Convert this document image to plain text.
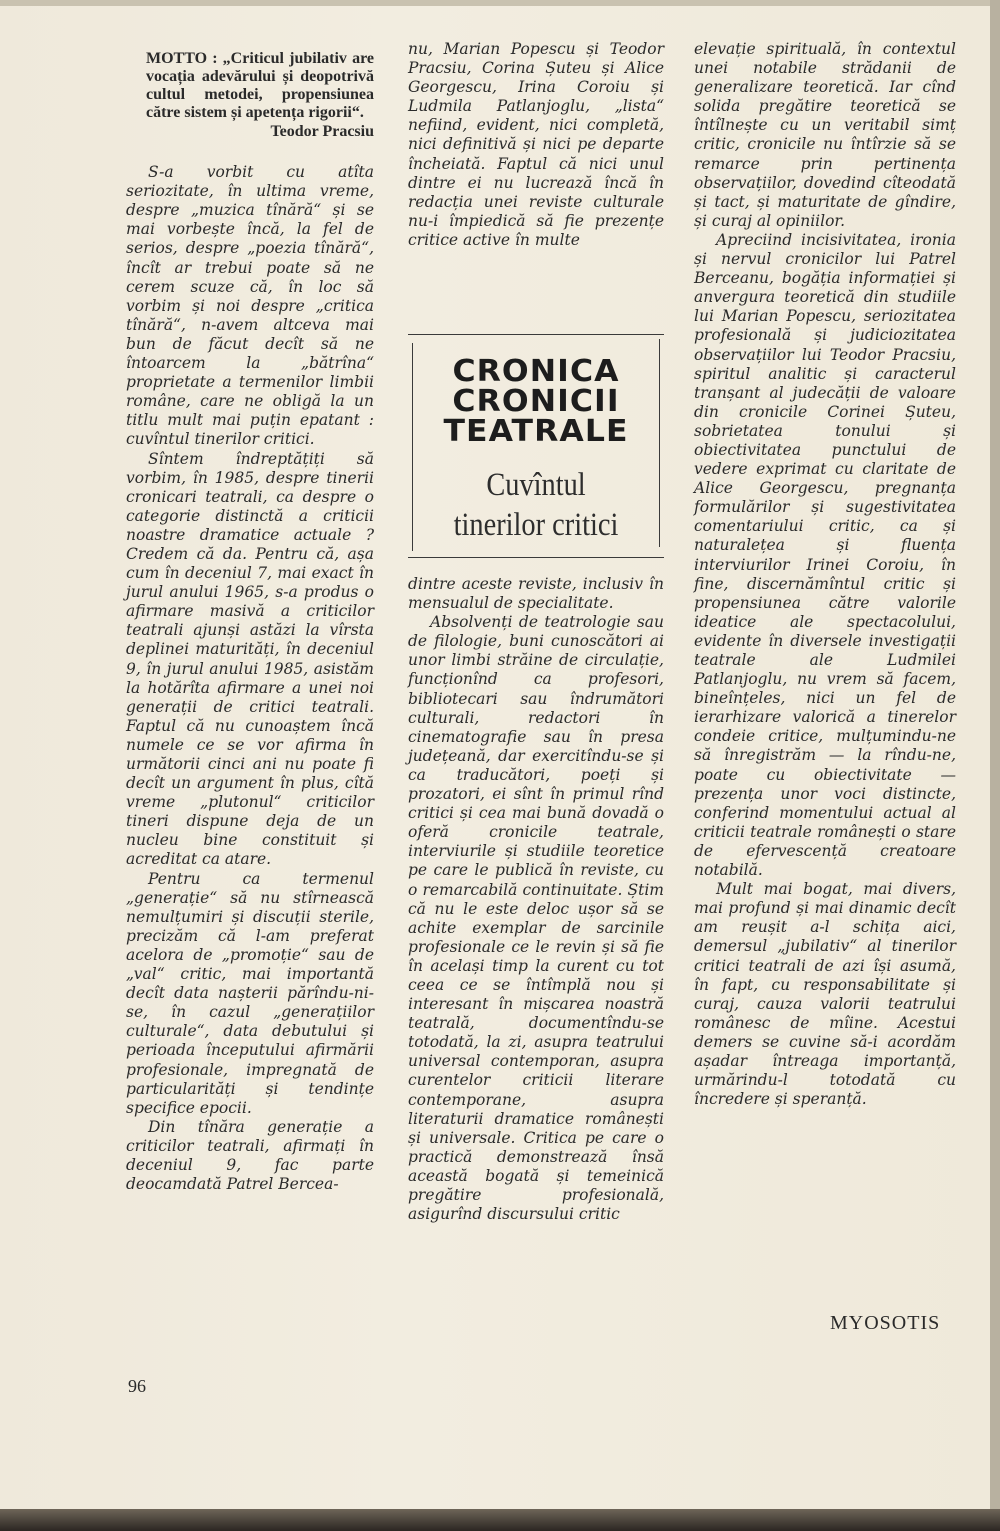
MOTTO : „Criticul jubilativ are vocația adevărului și deopotrivă cultul metodei, propensiunea către sistem și apetența rigorii“.
Teodor Pracsiu

S-a vorbit cu atîta seriozitate, în ultima vreme, despre „muzica tînără“ și se mai vorbește încă, la fel de serios, despre „poezia tînără“, încît ar trebui poate să ne cerem scuze că, în loc să vorbim și noi despre „critica tînără“, n-avem altceva mai bun de făcut decît să ne întoarcem la „bătrîna“ proprietate a termenilor limbii române, care ne obligă la un titlu mult mai puțin epatant : cuvîntul tinerilor critici.

Sîntem îndreptățiți să vorbim, în 1985, despre tinerii cronicari teatrali, ca despre o categorie distinctă a criticii noastre dramatice actuale ? Credem că da. Pentru că, așa cum în deceniul 7, mai exact în jurul anului 1965, s-a produs o afirmare masivă a criticilor teatrali ajunși astăzi la vîrsta deplinei maturități, în deceniul 9, în jurul anului 1985, asistăm la hotărîta afirmare a unei noi generații de critici teatrali. Faptul că nu cunoaștem încă numele ce se vor afirma în următorii cinci ani nu poate fi decît un argument în plus, cîtă vreme „plutonul“ criticilor tineri dispune deja de un nucleu bine constituit și acreditat ca atare.

Pentru ca termenul „generație“ să nu stîrnească nemulțumiri și discuții sterile, precizăm că l-am preferat acelora de „promoție“ sau de „val“ critic, mai importantă decît data nașterii părîndu-ni-se, în cazul „generațiilor culturale“, data debutului și perioada începutului afirmării profesionale, impregnată de particularități și tendințe specifice epocii.

Din tînăra generație a criticilor teatrali, afirmați în deceniul 9, fac parte deocamdată Patrel Bercea-

nu, Marian Popescu și Teodor Pracsiu, Corina Șuteu și Alice Georgescu, Irina Coroiu și Ludmila Patlanjoglu, „lista“ nefiind, evident, nici completă, nici definitivă și nici pe departe încheiată. Faptul că nici unul dintre ei nu lucrează încă în redacția unei reviste culturale nu-i împiedică să fie prezențe critice active în multe

CRONICA
CRONICII
TEATRALE
Cuvîntul
tinerilor critici

dintre aceste reviste, inclusiv în mensualul de specialitate.

Absolvenți de teatrologie sau de filologie, buni cunoscători ai unor limbi străine de circulație, funcționînd ca profesori, bibliotecari sau îndrumători culturali, redactori în cinematografie sau în presa județeană, dar exercitîndu-se și ca traducători, poeți și prozatori, ei sînt în primul rînd critici și cea mai bună dovadă o oferă cronicile teatrale, interviurile și studiile teoretice pe care le publică în reviste, cu o remarcabilă continuitate. Știm că nu le este deloc ușor să se achite exemplar de sarcinile profesionale ce le revin și să fie în același timp la curent cu tot ceea ce se întîmplă nou și interesant în mișcarea noastră teatrală, documentîndu-se totodată, la zi, asupra teatrului universal contemporan, asupra curentelor criticii literare contemporane, asupra literaturii dramatice românești și universale. Critica pe care o practică demonstrează însă această bogată și temeinică pregătire profesională, asigurînd discursului critic

elevație spirituală, în contextul unei notabile strădanii de generalizare teoretică. Iar cînd solida pregătire teoretică se întîlnește cu un veritabil simț critic, cronicile nu întîrzie să se remarce prin pertinența observațiilor, dovedind cîteodată și tact, și maturitate de gîndire, și curaj al opiniilor.

Apreciind incisivitatea, ironia și nervul cronicilor lui Patrel Berceanu, bogăția informației și anvergura teoretică din studiile lui Marian Popescu, seriozitatea profesională și judiciozitatea observațiilor lui Teodor Pracsiu, spiritul analitic și caracterul tranșant al judecății de valoare din cronicile Corinei Șuteu, sobrietatea tonului și obiectivitatea punctului de vedere exprimat cu claritate de Alice Georgescu, pregnanța formulărilor și sugestivitatea comentariului critic, ca și naturalețea și fluența interviurilor Irinei Coroiu, în fine, discernămîntul critic și propensiunea către valorile ideatice ale spectacolului, evidente în diversele investigații teatrale ale Ludmilei Patlanjoglu, nu vrem să facem, bineînțeles, nici un fel de ierarhizare valorică a tinerelor condeie critice, mulțumindu-ne să înregistrăm — la rîndu-ne, poate cu obiectivitate — prezența unor voci distincte, conferind momentului actual al criticii teatrale românești o stare de efervescență creatoare notabilă.

Mult mai bogat, mai divers, mai profund și mai dinamic decît am reușit a-l schița aici, demersul „jubilativ“ al tinerilor critici teatrali de azi își asumă, în fapt, cu responsabilitate și curaj, cauza valorii teatrului românesc de mîine. Acestui demers se cuvine să-i acordăm așadar întreaga importanță, urmărindu-l totodată cu încredere și speranță.

MYOSOTIS
96
